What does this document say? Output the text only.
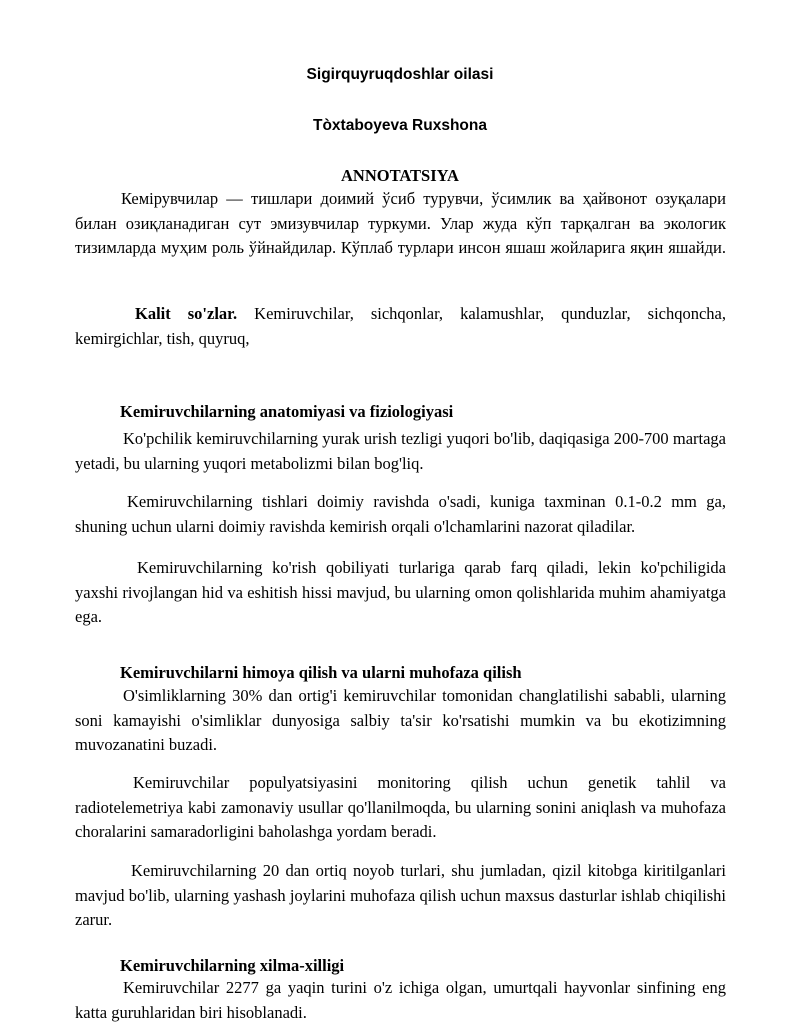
Sigirquyruqdoshlar oilasi
Tòxtaboyeva Ruxshona
ANNOTATSIYA

Кемірувчилар — тишлари доимий ўсиб турувчи, ўсимлик ва ҳайвонот озуқалари билан озиқланадиган сут эмизувчилар туркуми. Улар жуда кўп тарқалган ва экологик тизимларда муҳим роль ўйнайдилар. Кўплаб турлари инсон яшаш жойларига яқин яшайди.

Kalit so'zlar. Kemiruvchilar, sichqonlar, kalamushlar, qunduzlar, sichqoncha, kemirgichlar, tish, quyruq,

Kemiruvchilarning anatomiyasi va fiziologiyasi

Ko'pchilik kemiruvchilarning yurak urish tezligi yuqori bo'lib, daqiqasiga 200-700 martaga yetadi, bu ularning yuqori metabolizmi bilan bog'liq.

Kemiruvchilarning tishlari doimiy ravishda o'sadi, kuniga taxminan 0.1-0.2 mm ga, shuning uchun ularni doimiy ravishda kemirish orqali o'lchamlarini nazorat qiladilar.

Kemiruvchilarning ko'rish qobiliyati turlariga qarab farq qiladi, lekin ko'pchiligida yaxshi rivojlangan hid va eshitish hissi mavjud, bu ularning omon qolishlarida muhim ahamiyatga ega.

Kemiruvchilarni himoya qilish va ularni muhofaza qilish

O'simliklarning 30% dan ortig'i kemiruvchilar tomonidan changlatilishi sababli, ularning soni kamayishi o'simliklar dunyosiga salbiy ta'sir ko'rsatishi mumkin va bu ekotizimning muvozanatini buzadi.

Kemiruvchilar populyatsiyasini monitoring qilish uchun genetik tahlil va radiotelemetriya kabi zamonaviy usullar qo'llanilmoqda, bu ularning sonini aniqlash va muhofaza choralarini samaradorligini baholashga yordam beradi.

Kemiruvchilarning 20 dan ortiq noyob turlari, shu jumladan, qizil kitobga kiritilganlari mavjud bo'lib, ularning yashash joylarini muhofaza qilish uchun maxsus dasturlar ishlab chiqilishi zarur.

Kemiruvchilarning xilma-xilligi

Kemiruvchilar 2277 ga yaqin turini o'z ichiga olgan, umurtqali hayvonlar sinfining eng katta guruhlaridan biri hisoblanadi.
